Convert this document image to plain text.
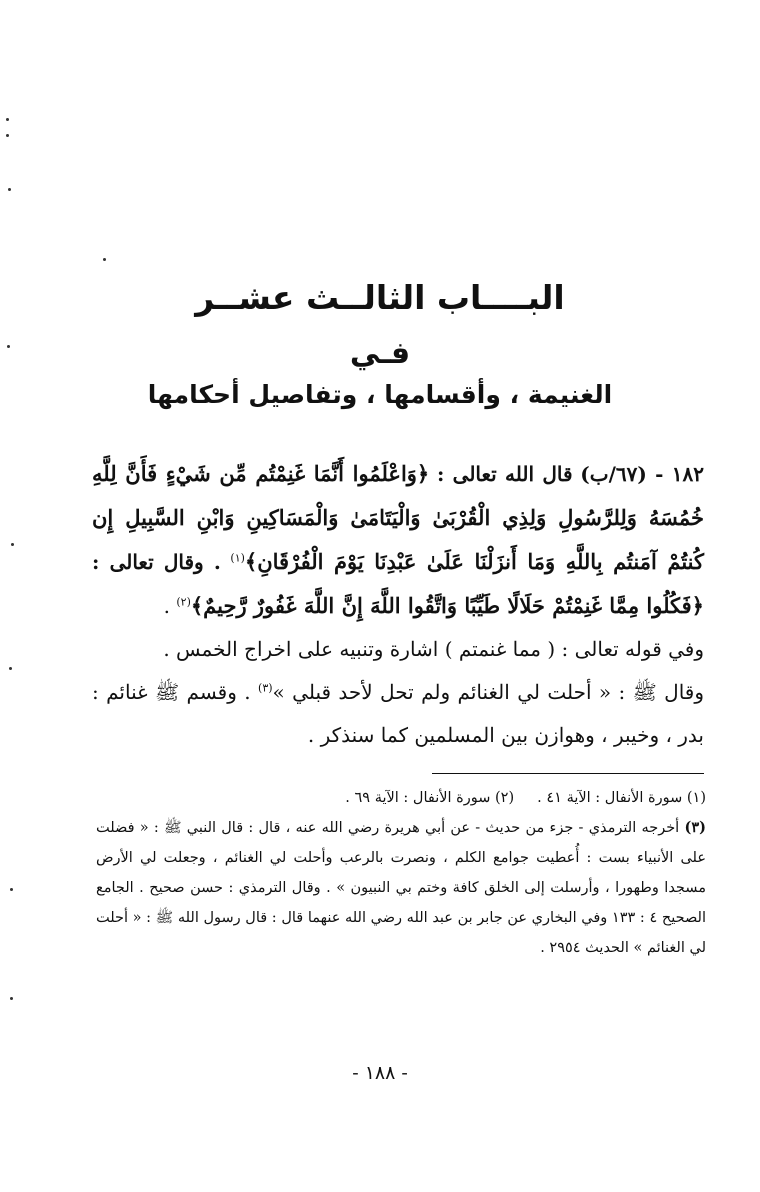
البــــاب الثالــث عشــر
فـي
الغنيمة ، وأقسامها ، وتفاصيل أحكامها

١٨٢ - (٦٧/ب) قال الله تعالى : ﴿وَاعْلَمُوا أَنَّمَا غَنِمْتُم مِّن شَيْءٍ فَأَنَّ لِلَّهِ خُمُسَهُ وَلِلرَّسُولِ وَلِذِي الْقُرْبَىٰ وَالْيَتَامَىٰ وَالْمَسَاكِينِ وَابْنِ السَّبِيلِ إِن كُنتُمْ آمَنتُم بِاللَّهِ وَمَا أَنزَلْنَا عَلَىٰ عَبْدِنَا يَوْمَ الْفُرْقَانِ﴾$^{(١)}$ . وقال تعالى : ﴿فَكُلُوا مِمَّا غَنِمْتُمْ حَلَالًا طَيِّبًا وَاتَّقُوا اللَّهَ إِنَّ اللَّهَ غَفُورٌ رَّحِيمٌ﴾$^{(٢)}$ .

وفي قوله تعالى : ( مما غنمتم ) اشارة وتنبيه على اخراج الخمس .

وقال ﷺ : « أحلت لي الغنائم ولم تحل لأحد قبلي »$^{(٣)}$ . وقسم ﷺ غنائم : بدر ، وخيبر ، وهوازن بين المسلمين كما سنذكر .

(١) سورة الأنفال : الآية ٤١ .     (٢) سورة الأنفال : الآية ٦٩ .

(٣) أخرجه الترمذي - جزء من حديث - عن أبي هريرة رضي الله عنه ، قال : قال النبي ﷺ : « فضلت على الأنبياء بست : أُعطيت جوامع الكلم ، ونصرت بالرعب وأحلت لي الغنائم ، وجعلت لي الأرض مسجدا وطهورا ، وأرسلت إلى الخلق كافة وختم بي النبيون » . وقال الترمذي : حسن صحيح . الجامع الصحيح ٤ : ١٣٣ وفي البخاري عن جابر بن عبد الله رضي الله عنهما قال : قال رسول الله ﷺ : « أحلت لي الغنائم » الحديث ٢٩٥٤ .

- ١٨٨ -
